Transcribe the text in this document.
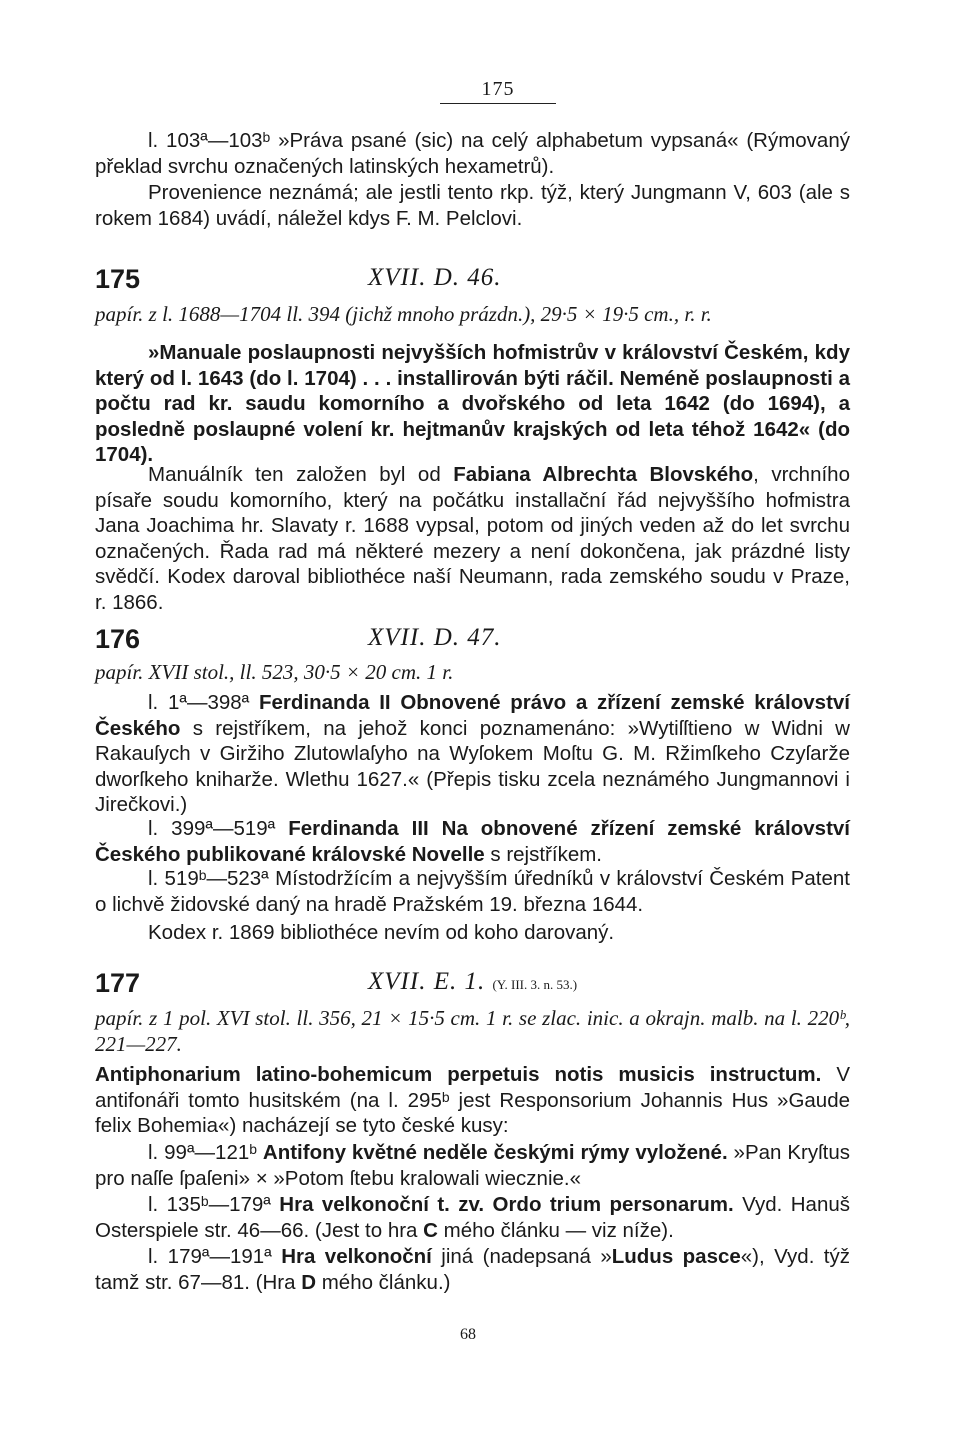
175
l. 103ª—103ᵇ »Práva psané (sic) na celý alphabetum vypsaná« (Rýmovaný překlad svrchu označených latinských hexametrů).
Provenience neznámá; ale jestli tento rkp. týž, který Jungmann V, 603 (ale s rokem 1684) uvádí, náležel kdys F. M. Pelclovi.
175	XVII. D. 46.
papír. z l. 1688—1704 ll. 394 (jichž mnoho prázdn.), 29·5 × 19·5 cm., r. r.
»Manuale poslaupnosti nejvyšších hofmistrův v království Českém, kdy který od l. 1643 (do l. 1704) . . . installirován býti ráčil. Neméně poslaupnosti a počtu rad kr. saudu komorního a dvořského od leta 1642 (do 1694), a posledně poslaupné volení kr. hejtmanův krajských od leta téhož 1642« (do 1704).
Manuálník ten založen byl od Fabiana Albrechta Blovského, vrchního písaře soudu komorního, který na počátku installační řád nejvyššího hofmistra Jana Joachima hr. Slavaty r. 1688 vypsal, potom od jiných veden až do let svrchu označených. Řada rad má některé mezery a není dokončena, jak prázdné listy svědčí. Kodex daroval bibliothéce naší Neumann, rada zemského soudu v Praze, r. 1866.
176	XVII. D. 47.
papír. XVII stol., ll. 523, 30·5 × 20 cm. 1 r.
l. 1ª—398ª Ferdinanda II Obnovené právo a zřízení zemské království Českého s rejstříkem, na jehož konci poznamenáno: »Wytiſſtieno w Widni w Rakauſych v Giržiho Zlutowlaſyho na Wyſokem Moſtu G. M. Ržimſkeho Czyſarže dworſkeho kniharže. Wlethu 1627.« (Přepis tisku zcela neznámého Jungmannovi i Jirečkovi.)
l. 399ª—519ª Ferdinanda III Na obnovené zřízení zemské království Českého publikované královské Novelle s rejstříkem.
l. 519ᵇ—523ª Místodržícím a nejvyšším úředníků v království Českém Patent o lichvě židovské daný na hradě Pražském 19. března 1644.
Kodex r. 1869 bibliothéce nevím od koho darovaný.
177	XVII. E. 1. (Y. III. 3. n. 53.)
papír. z 1 pol. XVI stol. ll. 356, 21 × 15·5 cm. 1 r. se zlac. inic. a okrajn. malb. na l. 220ᵇ, 221—227.
Antiphonarium latino-bohemicum perpetuis notis musicis instructum. V antifonáři tomto husitském (na l. 295ᵇ jest Responsorium Johannis Hus »Gaude felix Bohemia«) nacházejí se tyto české kusy:
l. 99ª—121ᵇ Antifony květné neděle českými rýmy vyložené. »Pan Kryſtus pro naſſe ſpaſeni» × »Potom ſtebu kralowali wiecznie.«
l. 135ᵇ—179ª Hra velkonoční t. zv. Ordo trium personarum. Vyd. Hanuš Osterspiele str. 46—66. (Jest to hra C mého článku — viz níže).
l. 179ª—191ª Hra velkonoční jiná (nadepsaná »Ludus pasce«), Vyd. týž tamž str. 67—81. (Hra D mého článku.)
68
